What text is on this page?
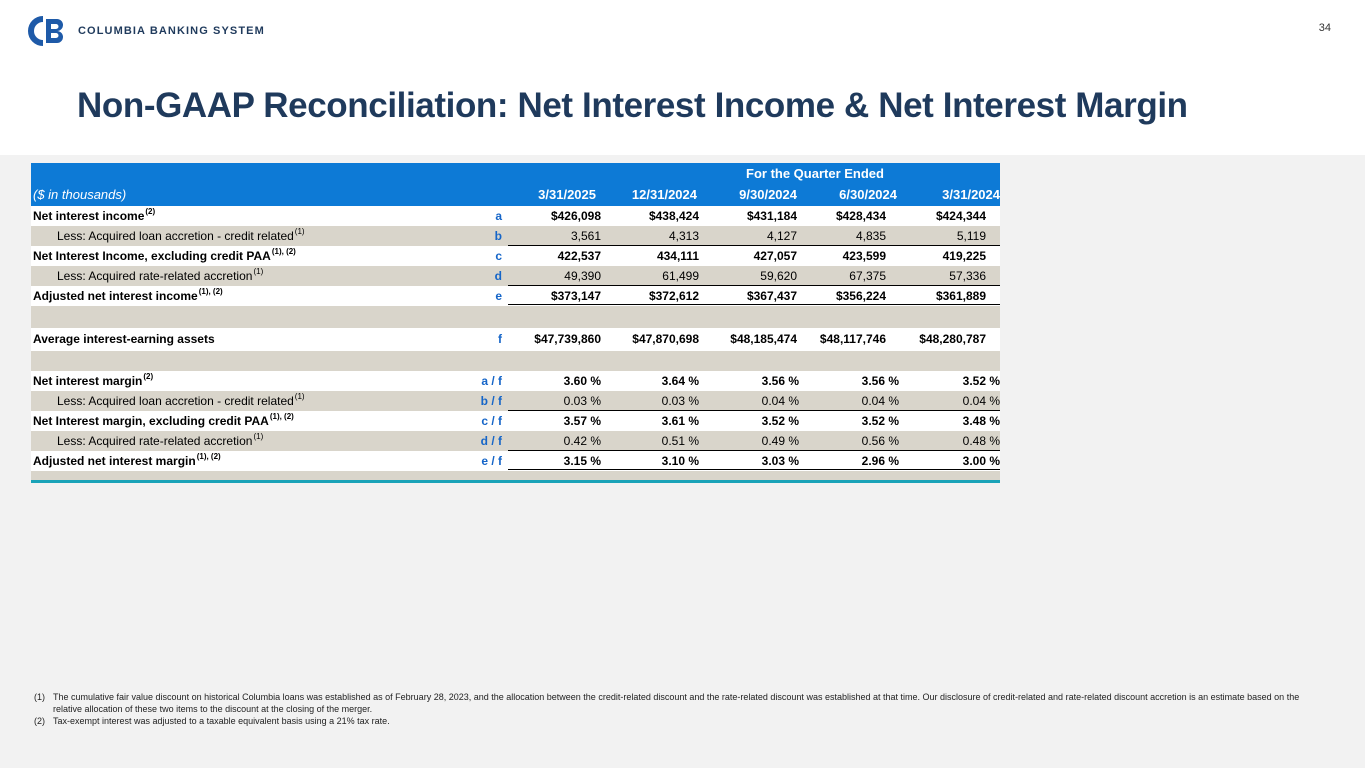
COLUMBIA BANKING SYSTEM	34
Non-GAAP Reconciliation: Net Interest Income & Net Interest Margin
For the Quarter Ended
($ in thousands)	3/31/2025	12/31/2024	9/30/2024	6/30/2024	3/31/2024
Net interest income$^{(2)}$	a	$426,098	$438,424	$431,184	$428,434	$424,344
Less: Acquired loan accretion - credit related$^{(1)}$	b	3,561	4,313	4,127	4,835	5,119
Net Interest Income, excluding credit $PAA^{(1), (2)}$	c	422,537	434,111	427,057	423,599	419,225
Less: Acquired rate-related accretion$^{(1)}$	d	49,390	61,499	59,620	67,375	57,336
Adjusted net interest income$^{(1), (2)}$	e	$373,147	$372,612	$367,437	$356,224	$361,889
Average interest-earning assets	f	$47,739,860	$47,870,698	$48,185,474 $48,117,746	$48,280,787
Net interest margin$^{(2)}$	a / f	3.60 %	3.64 %	3.56 %	3.56 %	3.52 %
Less: Acquired loan accretion - credit related$^{(1)}$	b / f	0.03 %	0.03 %	0.04 %	0.04 %	0.04 %
Net Interest margin, excluding credit $PAA^{(1), (2)}$	c / f	3.57 %	3.61 %	3.52 %	3.52 %	3.48 %
Less: Acquired rate-related accretion$^{(1)}$	d / f	0.42 %	0.51 %	0.49 %	0.56 %	0.48 %
Adjusted net interest margin$^{(1), (2)}$	e / f	3.15 %	3.10 %	3.03 %	2.96 %	3.00 %
(1) The cumulative fair value discount on historical Columbia loans was established as of February 28, 2023, and the allocation between the credit-related discount and the rate-related discount was established at that time. Our disclosure of credit-related and rate-related discount accretion is an estimate based on the relative allocation of these two items to the discount at the closing of the merger.
(2) Tax-exempt interest was adjusted to a taxable equivalent basis using a 21% tax rate.
